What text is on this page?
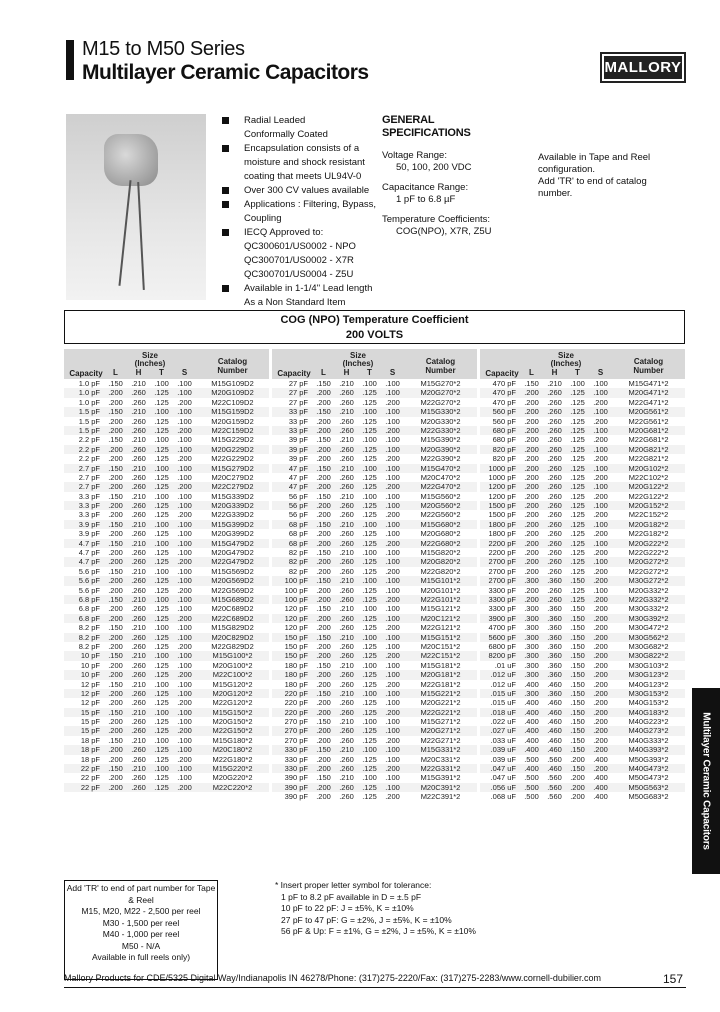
M15 to M50 Series
Multilayer Ceramic Capacitors	MALLORY
Radial Leaded
Conformally Coated
Encapsulation consists of a moisture and shock resistant coating that meets UL94V-0
Over 300 CV values available
Applications : Filtering, Bypass, Coupling
IECQ Approved to: QC300601/US0002 - NPO QC300701/US0002 - X7R QC300701/US0004 - Z5U
Available in 1-1/4" Lead length As a Non Standard Item
GENERAL
SPECIFICATIONS
Voltage Range:
50, 100, 200 VDC
Capacitance Range:
1 pF to 6.8 µF
Temperature Coefficients:
COG(NPO), X7R, Z5U
Available in Tape and Reel
configuration.
Add 'TR' to end of catalog
number.
COG (NPO) Temperature Coefficient
200 VOLTS
Capacity
Size
(Inches)
L	H	T	S
Catalog
Number
1.0 pF	.150	.210	.100	.100	M15G109D2
1.0 pF	.200	.260	.125	.100	M20G109D2
1.0 pF	.200	.260	.125	.200	M22C109D2
1.5 pF	.150	.210	.100	.100	M15G159D2
1.5 pF	.200	.260	.125	.100	M20G159D2
1.5 pF	.200	.260	.125	.200	M22C159D2
2.2 pF	.150	.210	.100	.100	M15G229D2
2.2 pF	.200	.260	.125	.100	M20G229D2
2.2 pF	.200	.260	.125	.200	M22G229D2
2.7 pF	.150	.210	.100	.100	M15G279D2
2.7 pF	.200	.260	.125	.100	M20C279D2
2.7 pF	.200	.260	.125	.200	M22C279D2
3.3 pF	.150	.210	.100	.100	M15G339D2
3.3 pF	.200	.260	.125	.100	M20G339D2
3.3 pF	.200	.260	.125	.200	M22G339D2
3.9 pF	.150	.210	.100	.100	M15G399D2
3.9 pF	.200	.260	.125	.100	M20G399D2
4.7 pF	.150	.210	.100	.100	M15G479D2
4.7 pF	.200	.260	.125	.100	M20G479D2
4.7 pF	.200	.260	.125	.200	M22G479D2
5.6 pF	.150	.210	.100	.100	M15G569D2
5.6 pF	.200	.260	.125	.100	M20G569D2
5.6 pF	.200	.260	.125	.200	M22G569D2
6.8 pF	.150	.210	.100	.100	M15G689D2
6.8 pF	.200	.260	.125	.100	M20C689D2
6.8 pF	.200	.260	.125	.200	M22C689D2
8.2 pF	.150	.210	.100	.100	M15G829D2
8.2 pF	.200	.260	.125	.100	M20C829D2
8.2 pF	.200	.260	.125	.200	M22G829D2
10 pF	.150	.210	.100	.100	M15G100*2
10 pF	.200	.260	.125	.100	M20G100*2
10 pF	.200	.260	.125	.200	M22C100*2
12 pF	.150	.210	.100	.100	M15G120*2
12 pF	.200	.260	.125	.100	M20G120*2
12 pF	.200	.260	.125	.200	M22G120*2
15 pF	.150	.210	.100	.100	M15G150*2
15 pF	.200	.260	.125	.100	M20G150*2
15 pF	.200	.260	.125	.200	M22G150*2
18 pF	.150	.210	.100	.100	M15G180*2
18 pF	.200	.260	.125	.100	M20C180*2
18 pF	.200	.260	.125	.200	M22G180*2
22 pF	.150	.210	.100	.100	M15G220*2
22 pF	.200	.260	.125	.100	M20G220*2
22 pF	.200	.260	.125	.200	M22C220*2
Capacity
Size
(Inches)
L	H	T	S
Catalog
Number
27 pF	.150	.210	.100	.100	M15G270*2
27 pF	.200	.260	.125	.100	M20G270*2
27 pF	.200	.260	.125	.200	M22G270*2
33 pF	.150	.210	.100	.100	M15G330*2
33 pF	.200	.260	.125	.100	M20G330*2
33 pF	.200	.260	.125	.200	M22G330*2
39 pF	.150	.210	.100	.100	M15G390*2
39 pF	.200	.260	.125	.100	M20G390*2
39 pF	.200	.260	.125	.200	M22G390*2
47 pF	.150	.210	.100	.100	M15G470*2
47 pF	.200	.260	.125	.100	M20C470*2
47 pF	.200	.260	.125	.200	M22G470*2
56 pF	.150	.210	.100	.100	M15G560*2
56 pF	.200	.260	.125	.100	M20G560*2
56 pF	.200	.260	.125	.200	M22G560*2
68 pF	.150	.210	.100	.100	M15G680*2
68 pF	.200	.260	.125	.100	M20G680*2
68 pF	.200	.260	.125	.200	M22G680*2
82 pF	.150	.210	.100	.100	M15G820*2
82 pF	.200	.260	.125	.100	M20G820*2
82 pF	.200	.260	.125	.200	M22G820*2
100 pF	.150	.210	.100	.100	M15G101*2
100 pF	.200	.260	.125	.100	M20G101*2
100 pF	.200	.260	.125	.200	M22G101*2
120 pF	.150	.210	.100	.100	M15G121*2
120 pF	.200	.260	.125	.100	M20C121*2
120 pF	.200	.260	.125	.200	M22G121*2
150 pF	.150	.210	.100	.100	M15G151*2
150 pF	.200	.260	.125	.100	M20C151*2
150 pF	.200	.260	.125	.200	M22C151*2
180 pF	.150	.210	.100	.100	M15G181*2
180 pF	.200	.260	.125	.100	M20G181*2
180 pF	.200	.260	.125	.200	M22G181*2
220 pF	.150	.210	.100	.100	M15G221*2
220 pF	.200	.260	.125	.100	M20G221*2
220 pF	.200	.260	.125	.200	M22G221*2
270 pF	.150	.210	.100	.100	M15G271*2
270 pF	.200	.260	.125	.100	M20G271*2
270 pF	.200	.260	.125	.200	M22G271*2
330 pF	.150	.210	.100	.100	M15G331*2
330 pF	.200	.260	.125	.100	M20C331*2
330 pF	.200	.260	.125	.200	M22G331*2
390 pF	.150	.210	.100	.100	M15G391*2
390 pF	.200	.260	.125	.100	M20C391*2
390 pF	.200	.260	.125	.200	M22C391*2
Capacity
Size
(Inches)
L	H	T	S
Catalog
Number
470 pF	.150	.210	.100	.100	M15G471*2
470 pF	.200	.260	.125	.100	M20G471*2
470 pF	.200	.260	.125	.200	M22G471*2
560 pF	.200	.260	.125	.100	M20G561*2
560 pF	.200	.260	.125	.200	M22G561*2
680 pF	.200	.260	.125	.100	M20G681*2
680 pF	.200	.260	.125	.200	M22G681*2
820 pF	.200	.260	.125	.100	M20G821*2
820 pF	.200	.260	.125	.200	M22G821*2
1000 pF	.200	.260	.125	.100	M20G102*2
1000 pF	.200	.260	.125	.200	M22C102*2
1200 pF	.200	.260	.125	.100	M20G122*2
1200 pF	.200	.260	.125	.200	M22G122*2
1500 pF	.200	.260	.125	.100	M20G152*2
1500 pF	.200	.260	.125	.200	M22C152*2
1800 pF	.200	.260	.125	.100	M20G182*2
1800 pF	.200	.260	.125	.200	M22G182*2
2200 pF	.200	.260	.125	.100	M20G222*2
2200 pF	.200	.260	.125	.200	M22G222*2
2700 pF	.200	.260	.125	.100	M20G272*2
2700 pF	.200	.260	.125	.200	M22G272*2
2700 pF	.300	.360	.150	.200	M30G272*2
3300 pF	.200	.260	.125	.100	M20G332*2
3300 pF	.200	.260	.125	.200	M22G332*2
3300 pF	.300	.360	.150	.200	M30G332*2
3900 pF	.300	.360	.150	.200	M30G392*2
4700 pF	.300	.360	.150	.200	M30G472*2
5600 pF	.300	.360	.150	.200	M30G562*2
6800 pF	.300	.360	.150	.200	M30G682*2
8200 pF	.300	.360	.150	.200	M30G822*2
.01 uF	.300	.360	.150	.200	M30G103*2
.012 uF	.300	.360	.150	.200	M30G123*2
.012 uF	.400	.460	.150	.200	M40G123*2
.015 uF	.300	.360	.150	.200	M30G153*2
.015 uF	.400	.460	.150	.200	M40G153*2
.018 uF	.400	.460	.150	.200	M40G183*2
.022 uF	.400	.460	.150	.200	M40G223*2
.027 uF	.400	.460	.150	.200	M40G273*2
.033 uF	.400	.460	.150	.200	M40G333*2
.039 uF	.400	.460	.150	.200	M40G393*2
.039 uF	.500	.560	.200	.400	M50G393*2
.047 uF	.400	.460	.150	.200	M40G473*2
.047 uF	.500	.560	.200	.400	M50G473*2
.056 uF	.500	.560	.200	.400	M50G563*2
.068 uF	.500	.560	.200	.400	M50G683*2
Add 'TR' to end of part number for Tape & Reel
M15, M20, M22 - 2,500 per reel
M30 - 1,500 per reel
M40 - 1,000 per reel
M50 - N/A
Available in full reels only)
* Insert proper letter symbol for tolerance:
1 pF to 8.2 pF available in D = ±.5 pF
10 pF to 22 pF: J = ±5%, K = ±10%
27 pF to 47 pF: G = ±2%, J = ±5%, K = ±10%
56 pF & Up: F = ±1%, G = ±2%, J = ±5%, K = ±10%
Mallory Products for CDE/5325 Digital Way/Indianapolis IN 46278/Phone: (317)275-2220/Fax: (317)275-2283/www.cornell-dubilier.com	157
Multilayer Ceramic Capacitors
